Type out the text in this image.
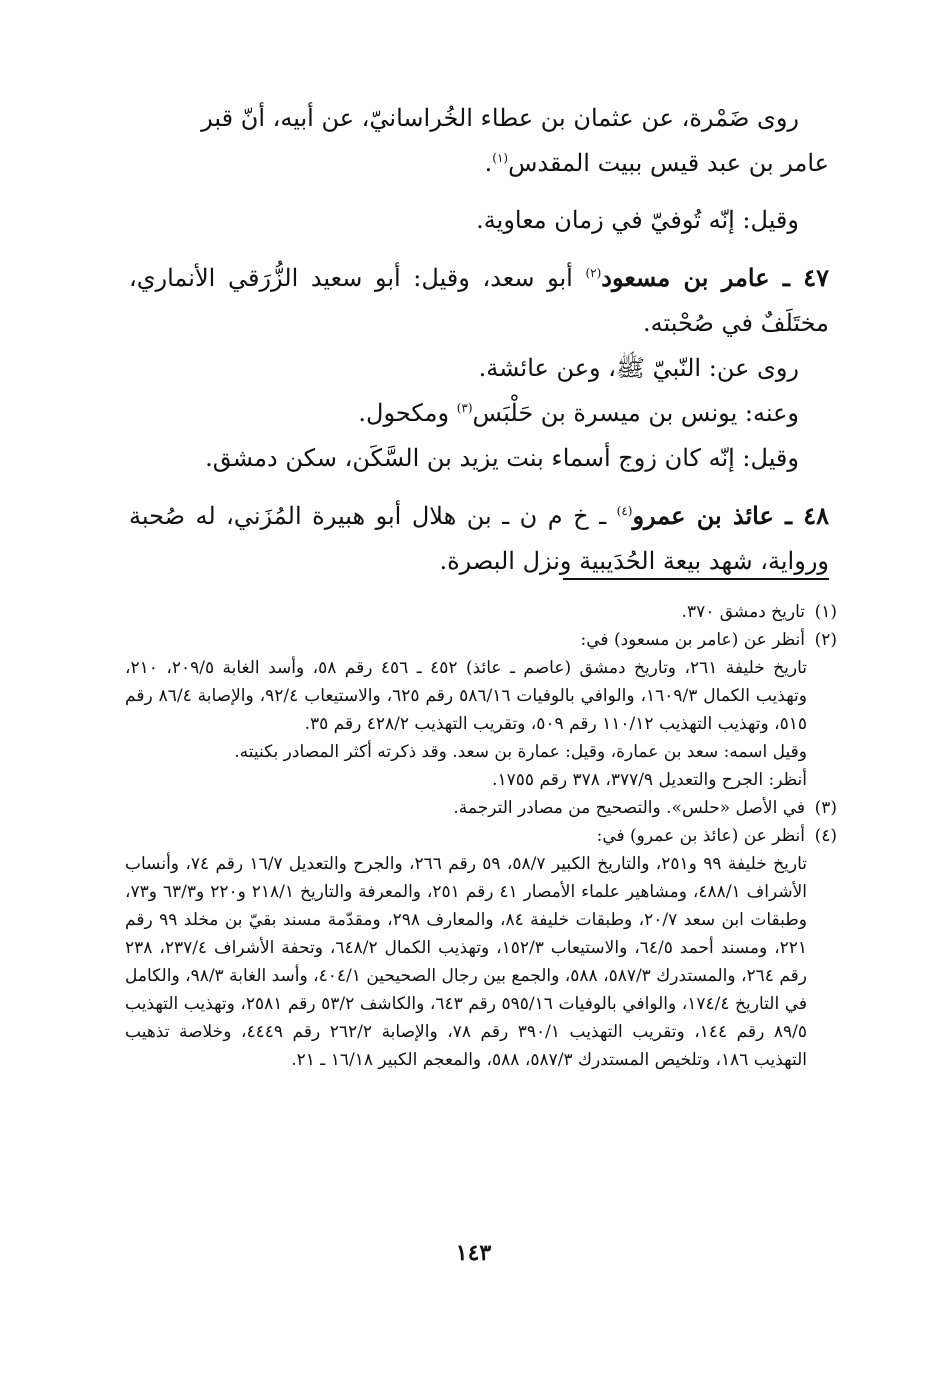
روى ضَمْرة، عن عثمان بن عطاء الخُراسانيّ، عن أبيه، أنّ قبر

عامر بن عبد قيس ببيت المقدس$^{(١)}$.

وقيل: إنّه تُوفيّ في زمان معاوية.

٤٧ ـ عامر بن مسعود$^{(٢)}$ أبو سعد، وقيل: أبو سعيد الزُّرَقي الأنماري، مختَلَفٌ في صُحْبته.

روى عن: النّبيّ ﷺ، وعن عائشة.

وعنه: يونس بن ميسرة بن حَلْبَس$^{(٣)}$ ومكحول.

وقيل: إنّه كان زوج أسماء بنت يزيد بن السَّكَن، سكن دمشق.

٤٨ ـ عائذ بن عمرو$^{(٤)}$ ـ خ م ن ـ بن هلال أبو هبيرة المُزَني، له صُحبة ورواية، شهد بيعة الحُدَيبية ونزل البصرة.

(١)
تاريخ دمشق ٣٧٠.
(٢)
أنظر عن (عامر بن مسعود) في:

تاريخ خليفة ٢٦١، وتاريخ دمشق (عاصم ـ عائذ) ٤٥٢ ـ ٤٥٦ رقم ٥٨، وأسد الغابة ٢٠٩/٥، ٢١٠، وتهذيب الكمال ١٦٠٩/٣، والوافي بالوفيات ٥٨٦/١٦ رقم ٦٢٥، والاستيعاب ٩٢/٤، والإصابة ٨٦/٤ رقم ٥١٥، وتهذيب التهذيب ١١٠/١٢ رقم ٥٠٩، وتقريب التهذيب ٤٢٨/٢ رقم ٣٥.

وقيل اسمه: سعد بن عمارة، وقيل: عمارة بن سعد. وقد ذكرته أكثر المصادر بكنيته.

أنظر: الجرح والتعديل ٣٧٧/٩، ٣٧٨ رقم ١٧٥٥.

(٣)
في الأصل «حلس». والتصحيح من مصادر الترجمة.
(٤)
أنظر عن (عائذ بن عمرو) في:

تاريخ خليفة ٩٩ و٢٥١، والتاريخ الكبير ٥٨/٧، ٥٩ رقم ٢٦٦، والجرح والتعديل ١٦/٧ رقم ٧٤، وأنساب الأشراف ٤٨٨/١، ومشاهير علماء الأمصار ٤١ رقم ٢٥١، والمعرفة والتاريخ ٢١٨/١ و٢٢٠ و٦٣/٣ و٧٣، وطبقات ابن سعد ٢٠/٧، وطبقات خليفة ٨٤، والمعارف ٢٩٨، ومقدّمة مسند بقيّ بن مخلد ٩٩ رقم ٢٢١، ومسند أحمد ٦٤/٥، والاستيعاب ١٥٢/٣، وتهذيب الكمال ٦٤٨/٢، وتحفة الأشراف ٢٣٧/٤، ٢٣٨ رقم ٢٦٤، والمستدرك ٥٨٧/٣، ٥٨٨، والجمع بين رجال الصحيحين ٤٠٤/١، وأسد الغابة ٩٨/٣، والكامل في التاريخ ١٧٤/٤، والوافي بالوفيات ٥٩٥/١٦ رقم ٦٤٣، والكاشف ٥٣/٢ رقم ٢٥٨١، وتهذيب التهذيب ٨٩/٥ رقم ١٤٤، وتقريب التهذيب ٣٩٠/١ رقم ٧٨، والإصابة ٢٦٢/٢ رقم ٤٤٤٩، وخلاصة تذهيب التهذيب ١٨٦، وتلخيص المستدرك ٥٨٧/٣، ٥٨٨، والمعجم الكبير ١٦/١٨ ـ ٢١.

١٤٣
